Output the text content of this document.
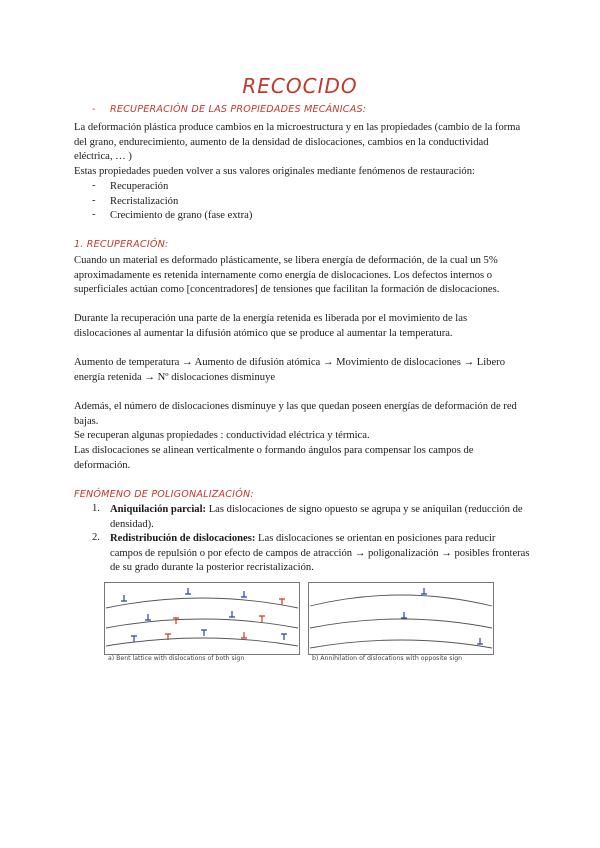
RECOCIDO
- RECUPERACIÓN DE LAS PROPIEDADES MECÁNICAS:
La deformación plástica produce cambios en la microestructura y en las propiedades (cambio de la forma del grano, endurecimiento, aumento de la densidad de dislocaciones, cambios en la conductividad eléctrica, … )
Estas propiedades pueden volver a sus valores originales mediante fenómenos de restauración:
- Recuperación
- Recristalización
- Crecimiento de grano (fase extra)
1. RECUPERACIÓN:
Cuando un material es deformado plásticamente, se libera energía de deformación, de la cual un 5% aproximadamente es retenida internamente como energía de dislocaciones. Los defectos internos o superficiales actúan como [concentradores] de tensiones que facilitan la formación de dislocaciones.
Durante la recuperación una parte de la energía retenida es liberada por el movimiento de las dislocaciones al aumentar la difusión atómico que se produce al aumentar la temperatura.
Aumento de temperatura → Aumento de difusión atómica → Movimiento de dislocaciones → Libero energía retenida → Nº dislocaciones disminuye
Además, el número de dislocaciones disminuye y las que quedan poseen energías de deformación de red bajas.
Se recuperan algunas propiedades : conductividad eléctrica y térmica.
Las dislocaciones se alinean verticalmente o formando ángulos para compensar los campos de deformación.
FENÓMENO DE POLIGONALIZACIÓN:
1. Aniquilación parcial: Las dislocaciones de signo opuesto se agrupa y se aniquilan (reducción de densidad).
2. Redistribución de dislocaciones: Las dislocaciones se orientan en posiciones para reducir campos de repulsión o por efecto de campos de atracción → poligonalización → posibles fronteras de su grado durante la posterior recristalización.
a) Bent lattice with dislocations of both sign	b) Annihilation of dislocations with opposite sign
